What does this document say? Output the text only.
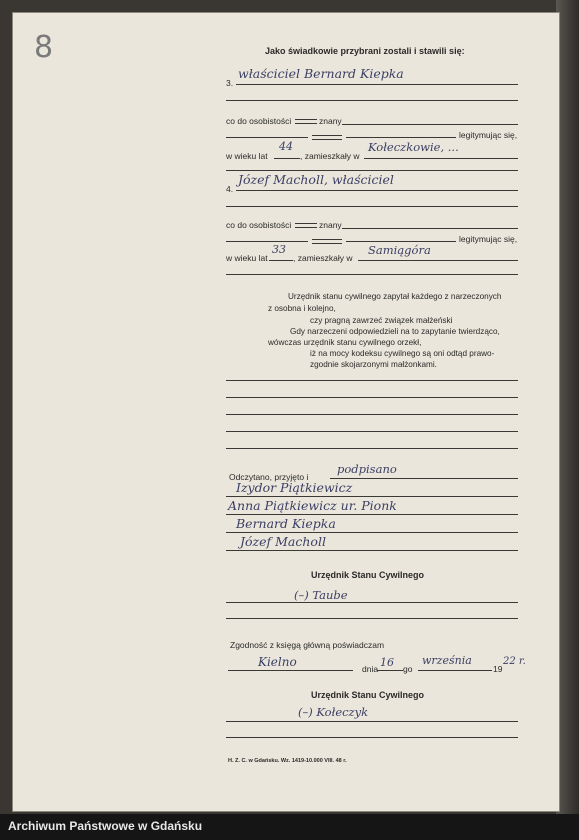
8	Jako świadkowie przybrani zostali i stawili się:
3.
właściciel Bernard Kiepka
co do osobistości	znany
legitymując się,
w wieku lat
44
, zamieszkały w
Kołeczkowie, ...
4.
Józef Macholl, właściciel
co do osobistości	znany
legitymując się,
w wieku lat
33
, zamieszkały w
Samiągóra
Urzędnik stanu cywilnego zapytał każdego z narzeczonych
z osobna i kolejno,
czy pragną zawrzeć związek małżeński
Gdy narzeczeni odpowiedzieli na to zapytanie twierdząco,
wówczas urzędnik stanu cywilnego orzekł,
iż na mocy kodeksu cywilnego są oni odtąd prawo-
zgodnie skojarzonymi małżonkami.
Odczytano, przyjęto i
podpisano
Izydor Piątkiewicz
Anna Piątkiewicz ur. Pionk
Bernard Kiepka
Józef Macholl
Urzędnik Stanu Cywilnego
(–) Taube
Zgodność z księgą główną poświadczam
Kielno	dnia 16 go
września
19
22 r.
Urzędnik Stanu Cywilnego
(–) Kołeczyk
H. Z. C. w Gdańsku. Wz. 1419-10.000 VIII. 48 r.
Archiwum Państwowe w Gdańsku
